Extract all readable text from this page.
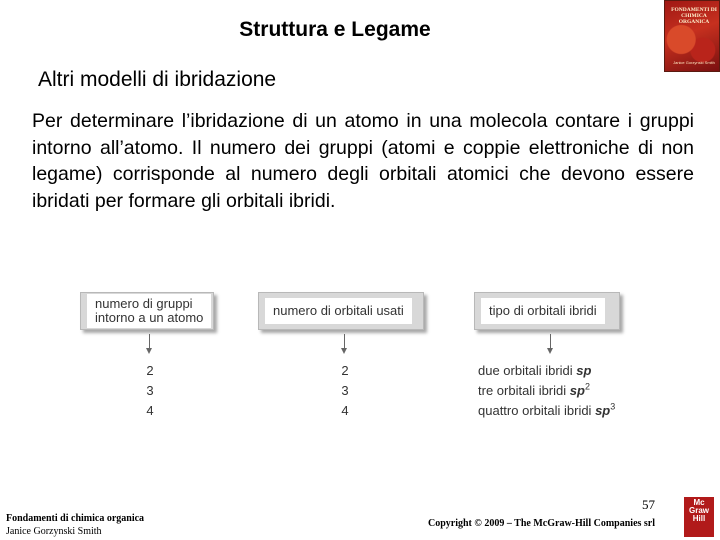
Struttura e Legame
FONDAMENTI DI CHIMICA ORGANICA
Janice Gorzynski Smith
Altri modelli di ibridazione
Per determinare l’ibridazione di un atomo in una molecola contare i gruppi intorno all’atomo. Il numero dei gruppi (atomi e coppie elettroniche di non legame) corrisponde al numero degli orbitali atomici che devono essere ibridati per formare gli orbitali ibridi.
numero di gruppi
intorno a un atomo
2
3
4
numero di orbitali usati
2
3
4
tipo di orbitali ibridi
due orbitali ibridi sp
tre orbitali ibridi $sp^2$
quattro orbitali ibridi $sp^3$
Fondamenti di chimica organica
Janice Gorzynski Smith
57
Copyright © 2009 – The McGraw-Hill Companies srl
Mc
Graw
Hill
